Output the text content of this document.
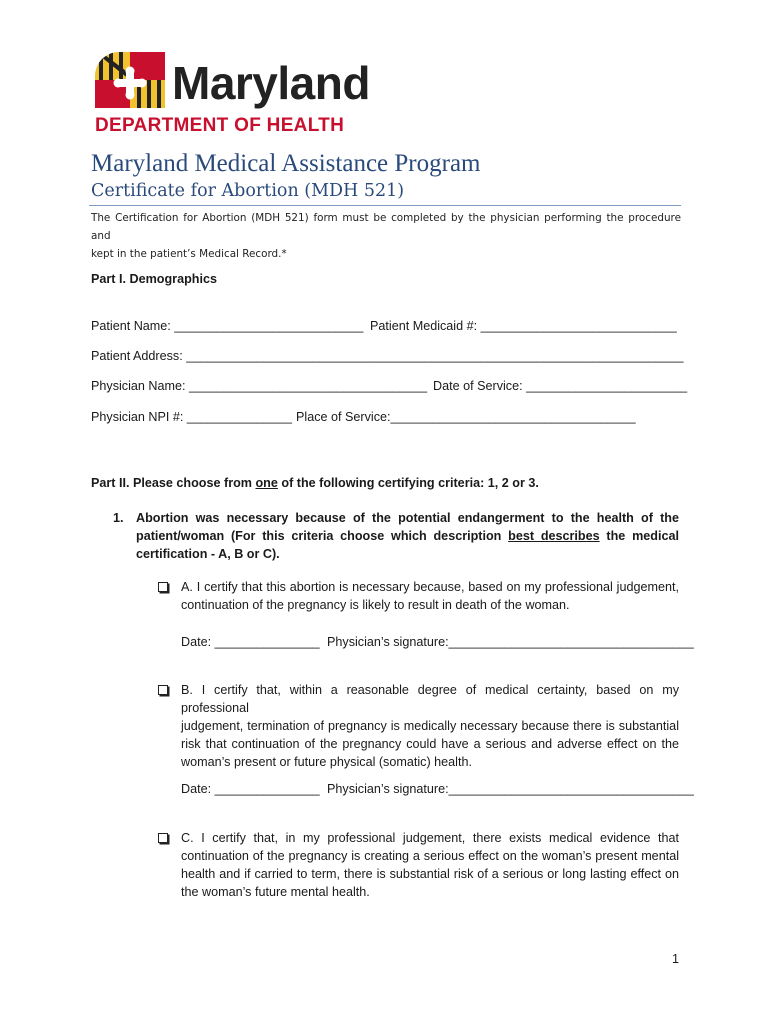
Maryland
DEPARTMENT OF HEALTH
Maryland Medical Assistance Program
Certificate for Abortion (MDH 521)
The Certification for Abortion (MDH 521) form must be completed by the physician performing the procedure and
kept in the patient’s Medical Record.*
Part I. Demographics
Patient Name: ___________________________ Patient Medicaid #: ____________________________
Patient Address: _______________________________________________________________________
Physician Name: __________________________________ Date of Service: _______________________
Physician NPI #: _______________ Place of Service:___________________________________
Part II. Please choose from one of the following certifying criteria: 1, 2 or 3.
1. Abortion was necessary because of the potential endangerment to the health of the
patient/woman (For this criteria choose which description best describes the medical
certification - A, B or C).
A. I certify that this abortion is necessary because, based on my professional judgement,
continuation of the pregnancy is likely to result in death of the woman.
Date: _______________ Physician’s signature:___________________________________
B. I certify that, within a reasonable degree of medical certainty, based on my professional
judgement, termination of pregnancy is medically necessary because there is substantial
risk that continuation of the pregnancy could have a serious and adverse effect on the
woman’s present or future physical (somatic) health.
Date: _______________ Physician’s signature:___________________________________
C. I certify that, in my professional judgement, there exists medical evidence that
continuation of the pregnancy is creating a serious effect on the woman’s present mental
health and if carried to term, there is substantial risk of a serious or long lasting effect on
the woman’s future mental health.
1
